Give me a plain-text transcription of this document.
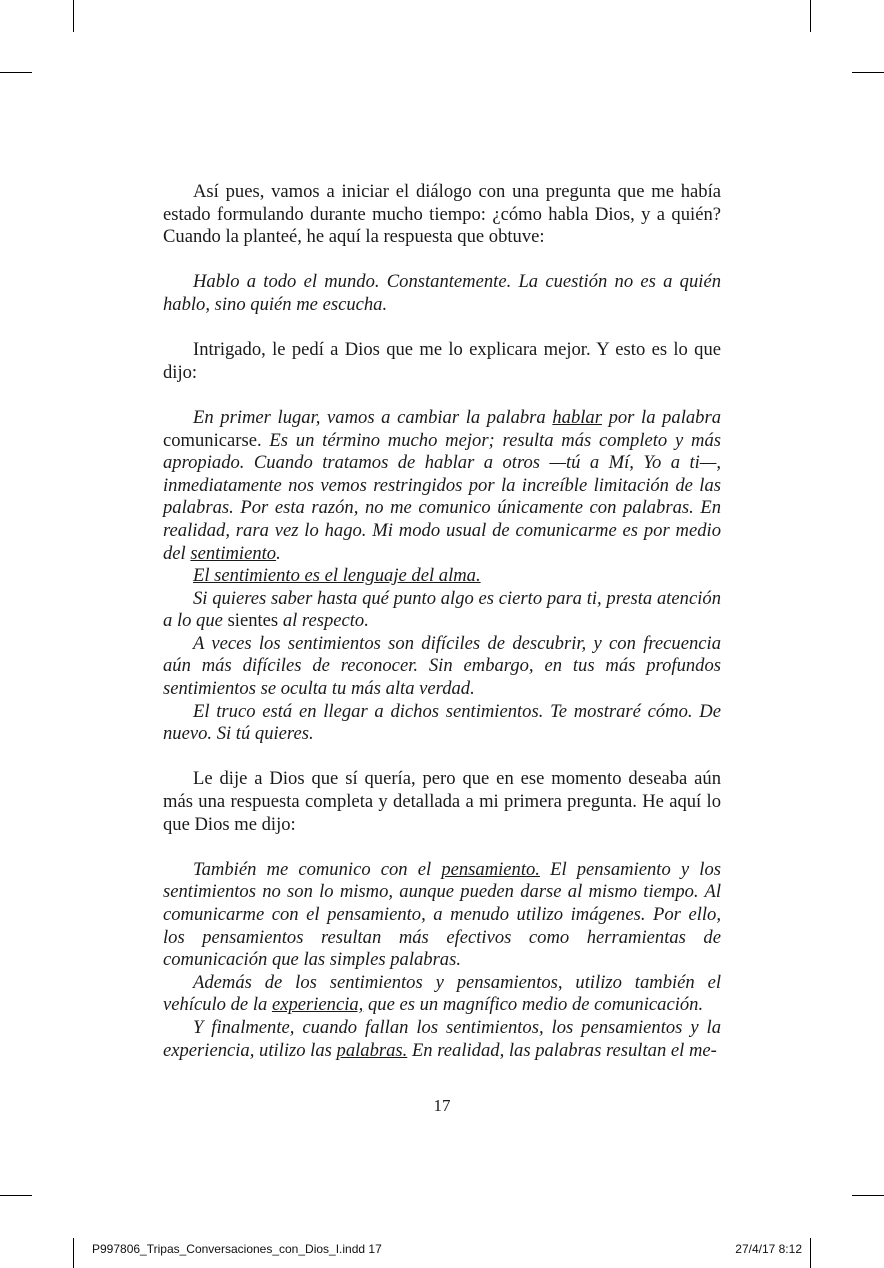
Así pues, vamos a iniciar el diálogo con una pregunta que me había estado formulando durante mucho tiempo: ¿cómo habla Dios, y a quién? Cuando la planteé, he aquí la respuesta que obtuve:

Hablo a todo el mundo. Constantemente. La cuestión no es a quién hablo, sino quién me escucha.

Intrigado, le pedí a Dios que me lo explicara mejor. Y esto es lo que dijo:

En primer lugar, vamos a cambiar la palabra hablar por la palabra comunicarse. Es un término mucho mejor; resulta más completo y más apropiado. Cuando tratamos de hablar a otros —tú a Mí, Yo a ti—, inmediatamente nos vemos restringidos por la increíble limitación de las palabras. Por esta razón, no me comunico únicamente con palabras. En realidad, rara vez lo hago. Mi modo usual de comunicarme es por medio del sentimiento.

El sentimiento es el lenguaje del alma.

Si quieres saber hasta qué punto algo es cierto para ti, presta atención a lo que sientes al respecto.

A veces los sentimientos son difíciles de descubrir, y con frecuencia aún más difíciles de reconocer. Sin embargo, en tus más profundos sentimientos se oculta tu más alta verdad.

El truco está en llegar a dichos sentimientos. Te mostraré cómo. De nuevo. Si tú quieres.

Le dije a Dios que sí quería, pero que en ese momento deseaba aún más una respuesta completa y detallada a mi primera pregunta. He aquí lo que Dios me dijo:

También me comunico con el pensamiento. El pensamiento y los sentimientos no son lo mismo, aunque pueden darse al mismo tiempo. Al comunicarme con el pensamiento, a menudo utilizo imágenes. Por ello, los pensamientos resultan más efectivos como herramientas de comunicación que las simples palabras.

Además de los sentimientos y pensamientos, utilizo también el vehículo de la experiencia, que es un magnífico medio de comunicación.

Y finalmente, cuando fallan los sentimientos, los pensamientos y la experiencia, utilizo las palabras. En realidad, las palabras resultan el me-

17
P997806_Tripas_Conversaciones_con_Dios_I.indd 17	27/4/17 8:12
